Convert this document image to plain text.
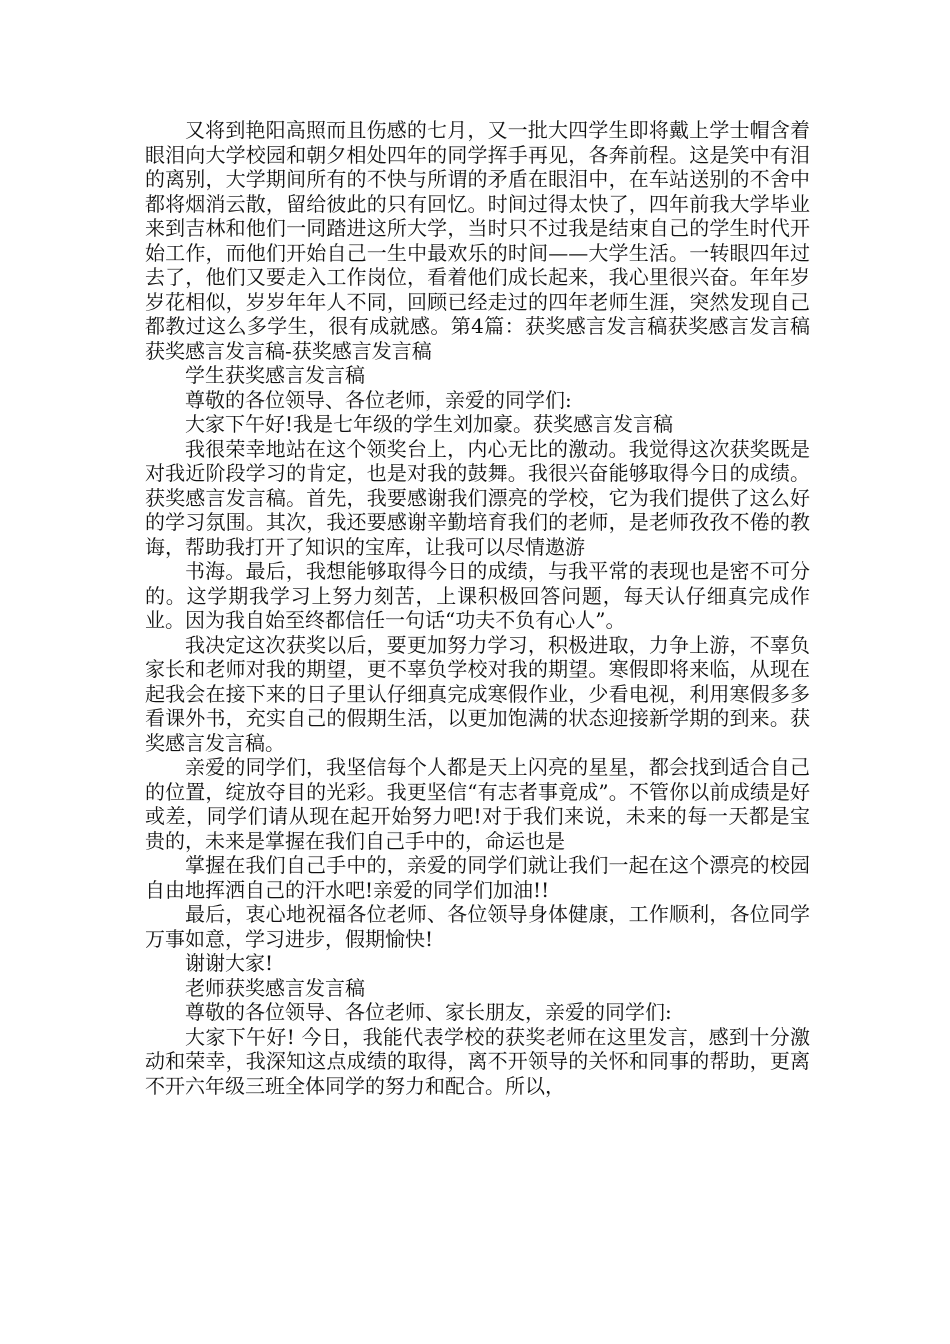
又将到艳阳高照而且伤感的七月，又一批大四学生即将戴上学士帽含着眼泪向大学校园和朝夕相处四年的同学挥手再见，各奔前程。这是笑中有泪的离别，大学期间所有的不快与所谓的矛盾在眼泪中，在车站送别的不舍中都将烟消云散，留给彼此的只有回忆。时间过得太快了，四年前我大学毕业来到吉林和他们一同踏进这所大学，当时只不过我是结束自己的学生时代开始工作，而他们开始自己一生中最欢乐的时间——大学生活。一转眼四年过去了，他们又要走入工作岗位，看着他们成长起来，我心里很兴奋。年年岁岁花相似，岁岁年年人不同，回顾已经走过的四年老师生涯，突然发现自己都教过这么多学生，很有成就感。第4篇：获奖感言发言稿获奖感言发言稿获奖感言发言稿-获奖感言发言稿

学生获奖感言发言稿

尊敬的各位领导、各位老师，亲爱的同学们:

大家下午好!我是七年级的学生刘加豪。获奖感言发言稿

我很荣幸地站在这个领奖台上，内心无比的激动。我觉得这次获奖既是对我近阶段学习的肯定，也是对我的鼓舞。我很兴奋能够取得今日的成绩。获奖感言发言稿。首先，我要感谢我们漂亮的学校，它为我们提供了这么好的学习氛围。其次，我还要感谢辛勤培育我们的老师，是老师孜孜不倦的教诲，帮助我打开了知识的宝库，让我可以尽情遨游

书海。最后，我想能够取得今日的成绩，与我平常的表现也是密不可分的。这学期我学习上努力刻苦，上课积极回答问题，每天认仔细真完成作业。因为我自始至终都信任一句话“功夫不负有心人”。

我决定这次获奖以后，要更加努力学习，积极进取，力争上游，不辜负家长和老师对我的期望，更不辜负学校对我的期望。寒假即将来临，从现在起我会在接下来的日子里认仔细真完成寒假作业，少看电视，利用寒假多多看课外书，充实自己的假期生活，以更加饱满的状态迎接新学期的到来。获奖感言发言稿。

亲爱的同学们，我坚信每个人都是天上闪亮的星星，都会找到适合自己的位置，绽放夺目的光彩。我更坚信“有志者事竟成”。不管你以前成绩是好或差，同学们请从现在起开始努力吧!对于我们来说，未来的每一天都是宝贵的，未来是掌握在我们自己手中的，命运也是

掌握在我们自己手中的，亲爱的同学们就让我们一起在这个漂亮的校园自由地挥洒自己的汗水吧!亲爱的同学们加油!!

最后，衷心地祝福各位老师、各位领导身体健康，工作顺利，各位同学万事如意，学习进步，假期愉快!

谢谢大家!

老师获奖感言发言稿

尊敬的各位领导、各位老师、家长朋友，亲爱的同学们:

大家下午好! 今日，我能代表学校的获奖老师在这里发言，感到十分激动和荣幸，我深知这点成绩的取得，离不开领导的关怀和同事的帮助，更离不开六年级三班全体同学的努力和配合。所以，
